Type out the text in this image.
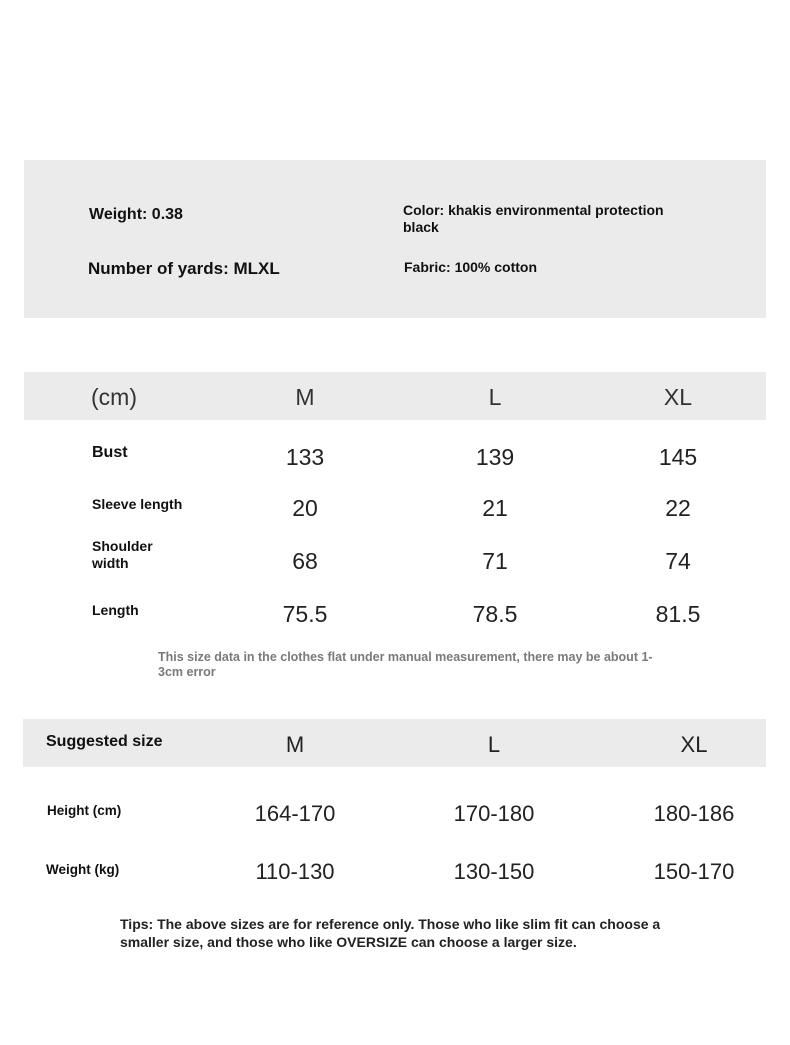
Weight: 0.38
Number of yards: MLXL
Color: khakis environmental protection black
Fabric: 100% cotton
(cm)	M	L	XL
Bust	133	139	145
Sleeve length	20	21	22
Shoulder width	68	71	74
Length	75.5	78.5	81.5
This size data in the clothes flat under manual measurement, there may be about 1-3cm error
Suggested size	M	L	XL
Height (cm)	164-170	170-180	180-186
Weight (kg)	110-130	130-150	150-170
Tips: The above sizes are for reference only. Those who like slim fit can choose a smaller size, and those who like OVERSIZE can choose a larger size.
